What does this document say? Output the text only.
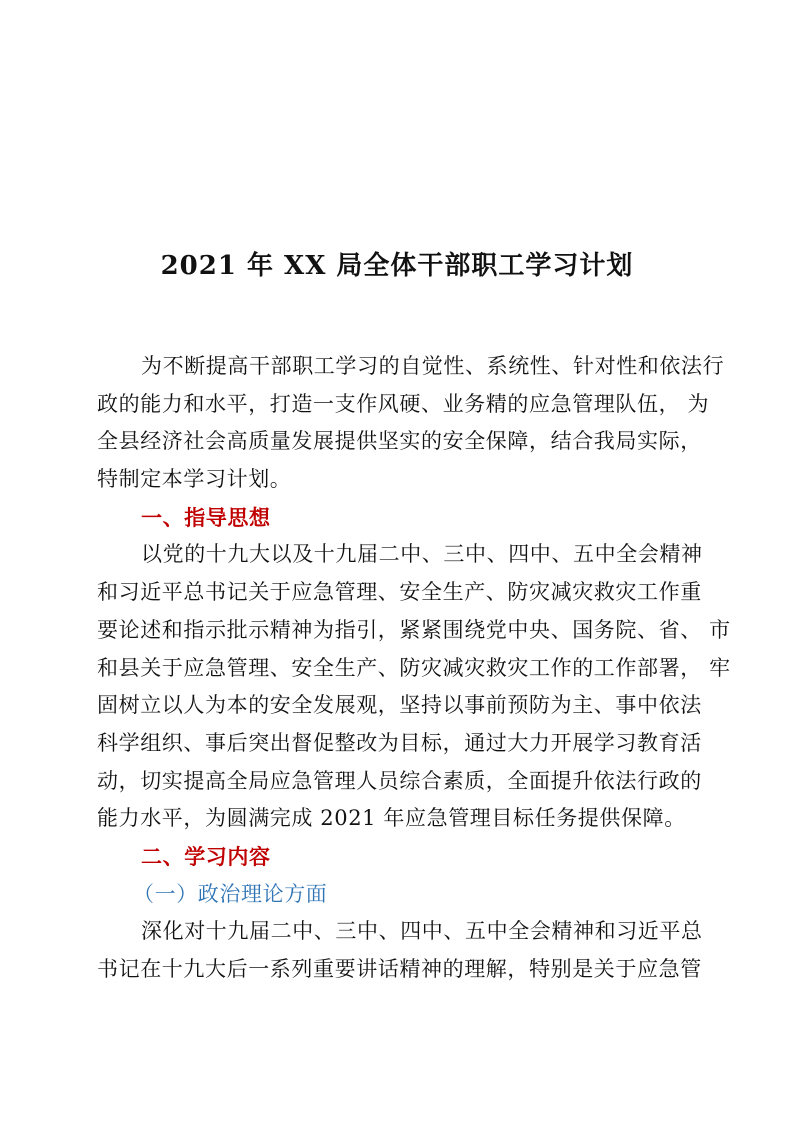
2021 年 XX 局全体干部职工学习计划
为不断提高干部职工学习的自觉性、系统性、针对性和依法行
政的能力和水平，打造一支作风硬、业务精的应急管理队伍， 为
全县经济社会高质量发展提供坚实的安全保障，结合我局实际，
特制定本学习计划。
一、指导思想
以党的十九大以及十九届二中、三中、四中、五中全会精神
和习近平总书记关于应急管理、安全生产、防灾减灾救灾工作重
要论述和指示批示精神为指引，紧紧围绕党中央、国务院、省、 市
和县关于应急管理、安全生产、防灾减灾救灾工作的工作部署， 牢
固树立以人为本的安全发展观，坚持以事前预防为主、事中依法
科学组织、事后突出督促整改为目标，通过大力开展学习教育活
动，切实提高全局应急管理人员综合素质，全面提升依法行政的
能力水平，为圆满完成 2021 年应急管理目标任务提供保障。
二、学习内容
（一）政治理论方面
深化对十九届二中、三中、四中、五中全会精神和习近平总
书记在十九大后一系列重要讲话精神的理解，特别是关于应急管
